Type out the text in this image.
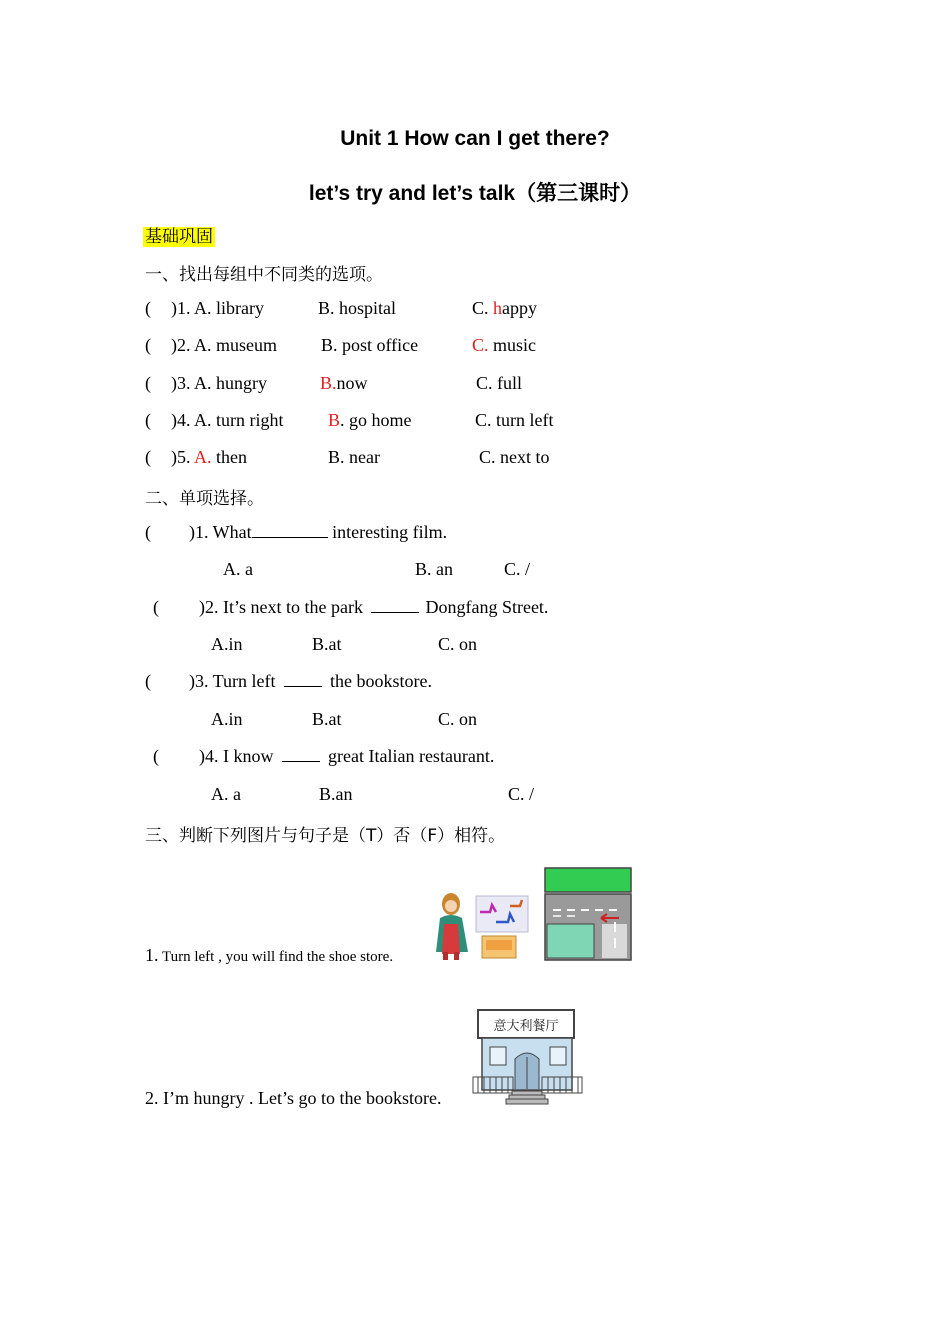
Unit 1 How can I get there?
let’s try and let’s talk（第三课时）
基础巩固
一、找出每组中不同类的选项。
( )1. A. library	B. hospital	C. happy
( )2. A. museum B. post office	C. music
( )3. A. hungry	B.now	C. full
( )4. A. turn right B. go home	C. turn left
( )5. A. then	B. near	C. next to
二、单项选择。
( )1. What	interesting film.
A. a	B. an	C. /
( )2. It’s next to the park	Dongfang Street.
A.in	B.at	C. on
( )3. Turn left	the bookstore.
A.in	B.at	C. on
( )4. I know	great Italian restaurant.
A. a	B.an	C. /
三、判断下列图片与句子是（T）否（F）相符。
1. Turn left , you will find the shoe store.
2. I’m hungry . Let’s go to the bookstore.
意大利餐厅
